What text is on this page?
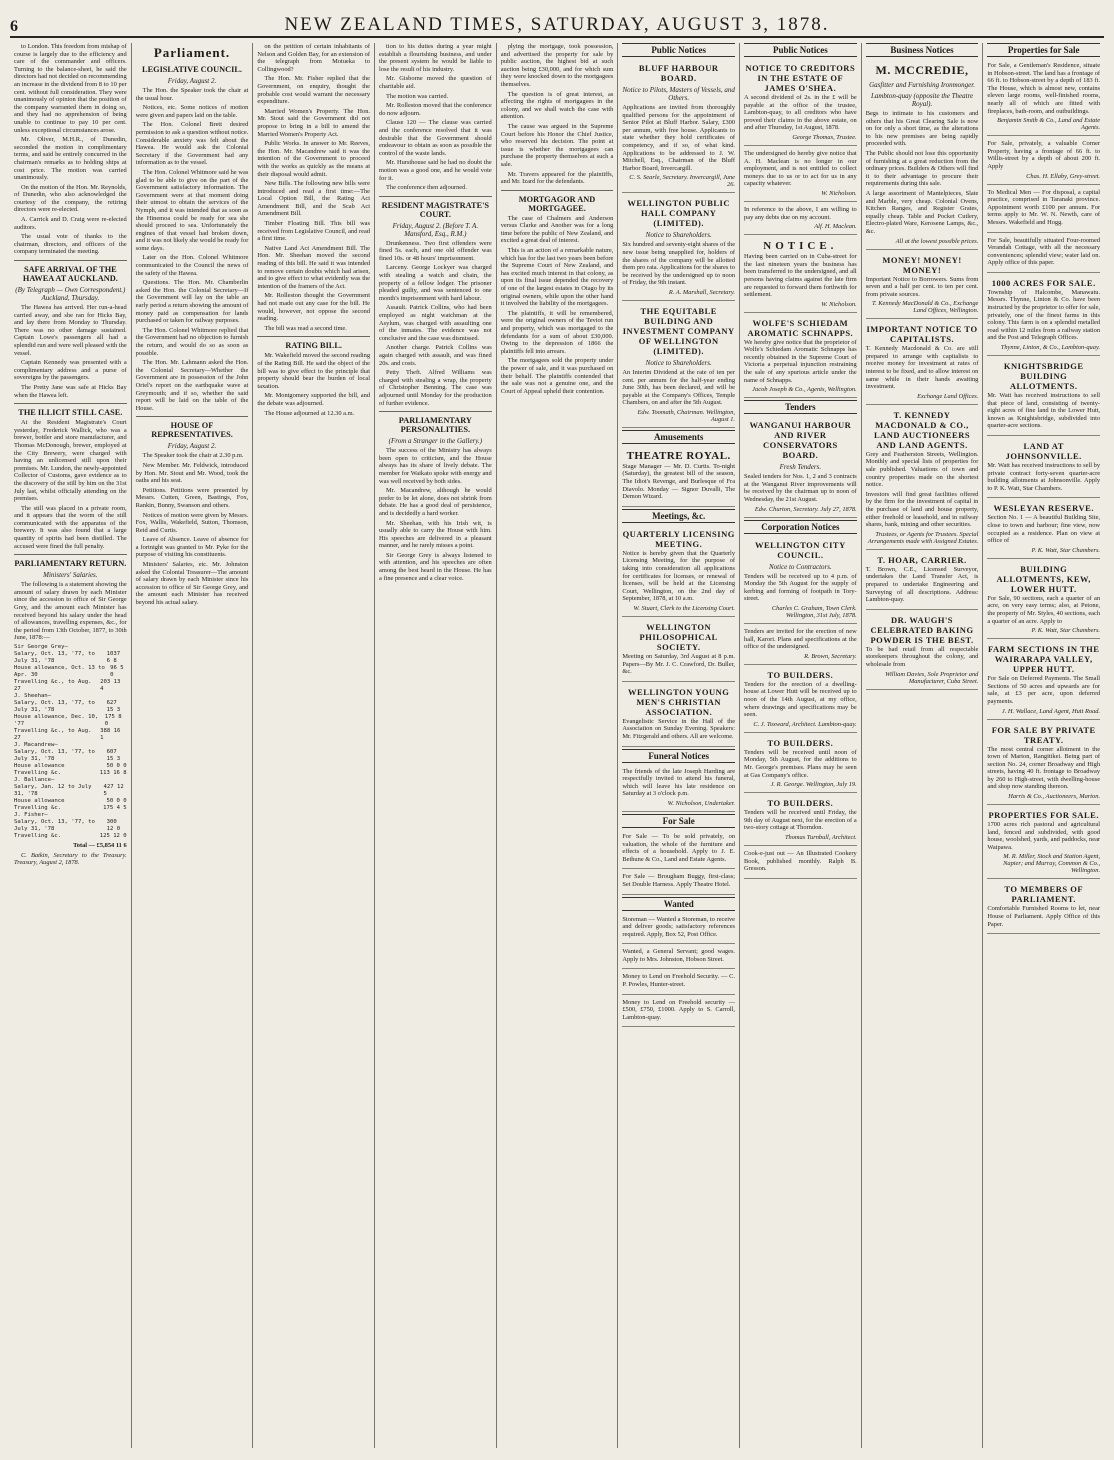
6	NEW ZEALAND TIMES, SATURDAY, AUGUST 3, 1878.

to London. This freedom from mishap of course is largely due to the efficiency and care of the commander and officers. Turning to the balance-sheet, he said the directors had not decided on recommending an increase in the dividend from 8 to 10 per cent. without full consideration. They were unanimously of opinion that the position of the company warranted them in doing so, and they had no apprehension of being unable to continue to pay 10 per cent. unless exceptional circumstances arose.

Mr. Oliver, M.H.R., of Dunedin, seconded the motion in complimentary terms, and said he entirely concurred in the chairman's remarks as to holding ships at cost price. The motion was carried unanimously.

On the motion of the Hon. Mr. Reynolds, of Dunedin, who also acknowledged the courtesy of the company, the retiring directors were re-elected.

A. Carrick and D. Craig were re-elected auditors.

The usual vote of thanks to the chairman, directors, and officers of the company terminated the meeting.

SAFE ARRIVAL OF THE HAWEA AT AUCKLAND.
(By Telegraph — Own Correspondent.) Auckland, Thursday.

The Hawea has arrived. Her run-a-head carried away, and she ran for Hicks Bay, and lay there from Monday to Thursday. There was no other damage sustained. Captain Lowe's passengers all had a splendid run and were well pleased with the vessel.

Captain Kennedy was presented with a complimentary address and a purse of sovereigns by the passengers.

The Pretty Jane was safe at Hicks Bay when the Hawea left.

THE ILLICIT STILL CASE.

At the Resident Magistrate's Court yesterday, Frederick Wallick, who was a brewer, bottler and store manufacturer, and Thomas McDonough, brewer, employed at the City Brewery, were charged with having an unlicensed still upon their premises. Mr. Lundon, the newly-appointed Collector of Customs, gave evidence as to the discovery of the still by him on the 31st July last, whilst officially attending on the premises.

The still was placed in a private room, and it appears that the worm of the still communicated with the apparatus of the brewery. It was also found that a large quantity of spirits had been distilled. The accused were fined the full penalty.

PARLIAMENTARY RETURN.
Ministers' Salaries.

The following is a statement showing the amount of salary drawn by each Minister since the accession to office of Sir George Grey, and the amount each Minister has received beyond his salary under the head of allowances, travelling expenses, &c., for the period from 13th October, 1877, to 30th June, 1878:—

Sir George Grey—
Salary, Oct. 13, '77, to July 31, '78
1037 6 8
House allowance, Oct. 13 to Apr. 30
96 5 0
Travelling &c., to Aug. 27
203 13 4
J. Sheehan—
Salary, Oct. 13, '77, to July 31, '78
627 15 3
House allowance, Dec. 10, '77
175 8 0
Travelling &c., to Aug. 27
388 16 1
J. Macandrew—
Salary, Oct. 13, '77, to July 31, '78
607 15 3
House allowance	50 0 0
Travelling &c.	113 16 8
J. Ballance—
Salary, Jan. 12 to July 31, '78
427 12 5
House allowance	50 0 0
Travelling &c.	175 4 5
J. Fisher—
Salary, Oct. 13, '77, to July 31, '78
300 12 0
Travelling &c.	125 12 0

Total — £5,854 11 6

C. Batkin, Secretary to the Treasury. Treasury, August 2, 1878.

Parliament.
LEGISLATIVE COUNCIL.
Friday, August 2.

The Hon. the Speaker took the chair at the usual hour.

Notices, etc. Some notices of motion were given and papers laid on the table.

The Hon. Colonel Brett desired permission to ask a question without notice. Considerable anxiety was felt about the Hawea. He would ask the Colonial Secretary if the Government had any information as to the vessel.

The Hon. Colonel Whitmore said he was glad to be able to give on the part of the Government satisfactory information. The Government were at that moment doing their utmost to obtain the services of the Nymph, and it was intended that as soon as the Hinemoa could be ready for sea she should proceed to sea. Unfortunately the engines of that vessel had broken down, and it was not likely she would be ready for some days.

Later on the Hon. Colonel Whitmore communicated to the Council the news of the safety of the Hawea.

Questions. The Hon. Mr. Chamberlin asked the Hon. the Colonial Secretary—If the Government will lay on the table an early period a return showing the amount of money paid as compensation for lands purchased or taken for railway purposes.

The Hon. Colonel Whitmore replied that the Government had no objection to furnish the return, and would do so as soon as possible.

The Hon. Mr. Lahmann asked the Hon. the Colonial Secretary—Whether the Government are in possession of the John Oriel's report on the earthquake wave at Greymouth; and if so, whether the said report will be laid on the table of the House.

HOUSE OF REPRESENTATIVES.
Friday, August 2.

The Speaker took the chair at 2.30 p.m.

New Member. Mr. Feldwick, introduced by Hon. Mr. Stout and Mr. Wood, took the oaths and his seat.

Petitions. Petitions were presented by Messrs. Cutten, Green, Bastings, Fox, Rankin, Bunny, Swanson and others.

Notices of motion were given by Messrs. Fox, Wallis, Wakefield, Sutton, Thomson, Reid and Curtis.

Leave of Absence. Leave of absence for a fortnight was granted to Mr. Pyke for the purpose of visiting his constituents.

Ministers' Salaries, etc. Mr. Johnston asked the Colonial Treasurer—The amount of salary drawn by each Minister since his accession to office of Sir George Grey, and the amount each Minister has received beyond his actual salary.

on the petition of certain inhabitants of Nelson and Golden Bay, for an extension of the telegraph from Motueka to Collingwood?

The Hon. Mr. Fisher replied that the Government, on enquiry, thought the probable cost would warrant the necessary expenditure.

Married Women's Property. The Hon. Mr. Stout said the Government did not propose to bring in a bill to amend the Married Women's Property Act.

Public Works. In answer to Mr. Reeves, the Hon. Mr. Macandrew said it was the intention of the Government to proceed with the works as quickly as the means at their disposal would admit.

New Bills. The following new bills were introduced and read a first time:—The Local Option Bill, the Rating Act Amendment Bill, and the Scab Act Amendment Bill.

Timber Floating Bill. This bill was received from Legislative Council, and read a first time.

Native Land Act Amendment Bill. The Hon. Mr. Sheehan moved the second reading of this bill. He said it was intended to remove certain doubts which had arisen, and to give effect to what evidently was the intention of the framers of the Act.

Mr. Rolleston thought the Government had not made out any case for the bill. He would, however, not oppose the second reading.

The bill was read a second time.

RATING BILL.

Mr. Wakefield moved the second reading of the Rating Bill. He said the object of the bill was to give effect to the principle that property should bear the burden of local taxation.

Mr. Montgomery supported the bill, and the debate was adjourned.

The House adjourned at 12.30 a.m.

tion to his duties during a year might establish a flourishing business, and under the present system he would be liable to lose the result of his industry.

Mr. Gisborne moved the question of charitable aid.

The motion was carried.

Mr. Rolleston moved that the conference do now adjourn.

Clause 120 — The clause was carried and the conference resolved that it was desirable that the Government should endeavour to obtain as soon as possible the control of the waste lands.

Mr. Hursthouse said he had no doubt the motion was a good one, and he would vote for it.

The conference then adjourned.

RESIDENT MAGISTRATE'S COURT.
Friday, August 2. (Before T. A. Mansford, Esq., R.M.)

Drunkenness. Two first offenders were fined 5s. each, and one old offender was fined 10s. or 48 hours' imprisonment.

Larceny. George Lockyer was charged with stealing a watch and chain, the property of a fellow lodger. The prisoner pleaded guilty, and was sentenced to one month's imprisonment with hard labour.

Assault. Patrick Collins, who had been employed as night watchman at the Asylum, was charged with assaulting one of the inmates. The evidence was not conclusive and the case was dismissed.

Another charge. Patrick Collins was again charged with assault, and was fined 20s. and costs.

Petty Theft. Alfred Williams was charged with stealing a wrap, the property of Christopher Benning. The case was adjourned until Monday for the production of further evidence.

PARLIAMENTARY PERSONALITIES.
(From a Stranger in the Gallery.)

The success of the Ministry has always been open to criticism, and the House always has its share of lively debate. The member for Waikato spoke with energy and was well received by both sides.

Mr. Macandrew, although he would prefer to be let alone, does not shrink from debate. He has a good deal of persistence, and is decidedly a hard worker.

Mr. Sheehan, with his Irish wit, is usually able to carry the House with him. His speeches are delivered in a pleasant manner, and he rarely misses a point.

Sir George Grey is always listened to with attention, and his speeches are often among the best heard in the House. He has a fine presence and a clear voice.

plying the mortgage, took possession, and advertised the property for sale by public auction, the highest bid at such auction being £30,000, and for which sum they were knocked down to the mortgagees themselves.

The question is of great interest, as affecting the rights of mortgagees in the colony, and we shall watch the case with attention.

The cause was argued in the Supreme Court before his Honor the Chief Justice, who reserved his decision. The point at issue is whether the mortgagees can purchase the property themselves at such a sale.

Mr. Travers appeared for the plaintiffs, and Mr. Izard for the defendants.

MORTGAGOR AND MORTGAGEE.

The case of Chalmers and Anderson versus Clarke and Another was for a long time before the public of New Zealand, and excited a great deal of interest.

This is an action of a remarkable nature, which has for the last two years been before the Supreme Court of New Zealand, and has excited much interest in that colony, as upon its final issue depended the recovery of one of the largest estates in Otago by its original owners, while upon the other hand it involved the liability of the mortgagees.

The plaintiffs, it will be remembered, were the original owners of the Teviot run and property, which was mortgaged to the defendants for a sum of about £30,000. Owing to the depression of 1866 the plaintiffs fell into arrears.

The mortgagees sold the property under the power of sale, and it was purchased on their behalf. The plaintiffs contended that the sale was not a genuine one, and the Court of Appeal upheld their contention.

Public Notices
BLUFF HARBOUR BOARD.
Notice to Pilots, Masters of Vessels, and Others.

Applications are invited from thoroughly qualified persons for the appointment of Senior Pilot at Bluff Harbor. Salary, £300 per annum, with free house. Applicants to state whether they hold certificates of competency, and if so, of what kind. Applications to be addressed to J. W. Mitchell, Esq., Chairman of the Bluff Harbor Board, Invercargill.

C. S. Searle, Secretary. Invercargill, June 26.
WELLINGTON PUBLIC HALL COMPANY (LIMITED).
Notice to Shareholders.

Six hundred and seventy-eight shares of the new issue being unapplied for, holders of the shares of the company will be allotted them pro rata. Applications for the shares to be received by the undersigned up to noon of Friday, the 9th instant.

R. A. Marshall, Secretary.
THE EQUITABLE BUILDING AND INVESTMENT COMPANY OF WELLINGTON (LIMITED).
Notice to Shareholders.

An Interim Dividend at the rate of ten per cent. per annum for the half-year ending June 30th, has been declared, and will be payable at the Company's Offices, Temple Chambers, on and after the 5th August.

Edw. Toomath, Chairman. Wellington, August 1.
Amusements
THEATRE ROYAL.

Stage Manager — Mr. D. Curtis. To-night (Saturday), the greatest bill of the season, The Idiot's Revenge, and Burlesque of Fra Diavolo. Monday — Signor Duvalli, The Demon Wizard.

Meetings, &c.
QUARTERLY LICENSING MEETING.

Notice is hereby given that the Quarterly Licensing Meeting, for the purpose of taking into consideration all applications for certificates for licenses, or renewal of licenses, will be held at the Licensing Court, Wellington, on the 2nd day of September, 1878, at 10 a.m.

W. Stuart, Clerk to the Licensing Court.
WELLINGTON PHILOSOPHICAL SOCIETY.

Meeting on Saturday, 3rd August at 8 p.m. Papers—By Mr. J. C. Crawford, Dr. Buller, &c.

WELLINGTON YOUNG MEN'S CHRISTIAN ASSOCIATION.

Evangelistic Service in the Hall of the Association on Sunday Evening. Speakers: Mr. Fitzgerald and others. All are welcome.

Funeral Notices

The friends of the late Joseph Harding are respectfully invited to attend his funeral, which will leave his late residence on Saturday at 3 o'clock p.m.

W. Nicholson, Undertaker.
For Sale

For Sale — To be sold privately, on valuation, the whole of the furniture and effects of a household. Apply to J. E. Bethune & Co., Land and Estate Agents.

For Sale — Brougham Buggy, first-class; Set Double Harness. Apply Theatre Hotel.

Wanted

Storeman — Wanted a Storeman, to receive and deliver goods; satisfactory references required. Apply, Box 52, Post Office.

Wanted, a General Servant; good wages. Apply to Mrs. Johnston, Hobson Street.

Money to Lend on Freehold Security. — C. P. Powles, Hunter-street.

Money to Lend on Freehold security — £500, £750, £1000. Apply to S. Carroll, Lambton-quay.

Public Notices
NOTICE TO CREDITORS IN THE ESTATE OF JAMES O'SHEA.

A second dividend of 2s. in the £ will be payable at the office of the trustee, Lambton-quay, to all creditors who have proved their claims in the above estate, on and after Thursday, 1st August, 1878.

George Thomas, Trustee.

The undersigned do hereby give notice that A. H. Maclean is no longer in our employment, and is not entitled to collect moneys due to us or to act for us in any capacity whatever.

W. Nicholson.

In reference to the above, I am willing to pay any debts due on my account.

Alf. H. Maclean.
NOTICE.

Having been carried on in Cuba-street for the last nineteen years the business has been transferred to the undersigned, and all persons having claims against the late firm are requested to forward them forthwith for settlement.

W. Nicholson.
WOLFE'S SCHIEDAM AROMATIC SCHNAPPS.

We hereby give notice that the proprietor of Wolfe's Schiedam Aromatic Schnapps has recently obtained in the Supreme Court of Victoria a perpetual injunction restraining the sale of any spurious article under the name of Schnapps.

Jacob Joseph & Co., Agents, Wellington.
Tenders
WANGANUI HARBOUR AND RIVER CONSERVATORS BOARD.
Fresh Tenders.

Sealed tenders for Nos. 1, 2 and 3 contracts at the Wanganui River improvements will be received by the chairman up to noon of Wednesday, the 21st August.

Edw. Churton, Secretary. July 27, 1878.
Corporation Notices
WELLINGTON CITY COUNCIL.
Notice to Contractors.

Tenders will be received up to 4 p.m. of Monday the 5th August for the supply of kerbing and forming of footpath in Tory-street.

Charles C. Graham, Town Clerk. Wellington, 31st July, 1878.

Tenders are invited for the erection of new hall, Karori. Plans and specifications at the office of the undersigned.

R. Brown, Secretary.
TO BUILDERS.

Tenders for the erection of a dwelling-house at Lower Hutt will be received up to noon of the 14th August, at my office, where drawings and specifications may be seen.

C. J. Toxward, Architect. Lambton-quay.
TO BUILDERS.

Tenders will be received until noon of Monday, 5th August, for the additions to Mr. George's premises. Plans may be seen at Gas Company's office.

J. R. George. Wellington, July 19.
TO BUILDERS.

Tenders will be received until Friday, the 9th day of August next, for the erection of a two-story cottage at Thorndon.

Thomas Turnbull, Architect.

Cook-e-just out — An Illustrated Cookery Book, published monthly. Ralph B. Gresson.

Business Notices
M. MCCREDIE,
Gasfitter and Furnishing Ironmonger.
Lambton-quay (opposite the Theatre Royal).

Begs to intimate to his customers and others that his Great Clearing Sale is now on for only a short time, as the alterations to his new premises are being rapidly proceeded with.

The Public should not lose this opportunity of furnishing at a great reduction from the ordinary prices. Builders & Others will find it to their advantage to procure their requirements during this sale.

A large assortment of Mantelpieces, Slate and Marble, very cheap. Colonial Ovens, Kitchen Ranges, and Register Grates, equally cheap. Table and Pocket Cutlery, Electro-plated Ware, Kerosene Lamps, &c., &c.

All at the lowest possible prices.
MONEY! MONEY! MONEY!

Important Notice to Borrowers. Sums from seven and a half per cent. to ten per cent. from private sources.

T. Kennedy MacDonald & Co., Exchange Land Offices, Wellington.
IMPORTANT NOTICE TO CAPITALISTS.

T. Kennedy Macdonald & Co. are still prepared to arrange with capitalists to receive money for investment at rates of interest to be fixed, and to allow interest on same while in their hands awaiting investment.

Exchange Land Offices.
T. KENNEDY MACDONALD & CO., LAND AUCTIONEERS AND LAND AGENTS.

Grey and Featherston Streets, Wellington. Monthly and special lists of properties for sale published. Valuations of town and country properties made on the shortest notice.

Investors will find great facilities offered by the firm for the investment of capital in the purchase of land and house property, either freehold or leasehold, and in railway shares, bank, mining and other securities.

Trustees, or Agents for Trustees. Special Arrangements made with Assigned Estates.
T. HOAR, CARRIER.

T. Brown, C.E., Licensed Surveyor, undertakes the Land Transfer Act, is prepared to undertake Engineering and Surveying of all descriptions. Address: Lambton-quay.

DR. WAUGH'S CELEBRATED BAKING POWDER IS THE BEST.

To be had retail from all respectable storekeepers throughout the colony, and wholesale from

William Davies, Sole Proprietor and Manufacturer, Cuba Street.
Properties for Sale

For Sale, a Gentleman's Residence, situate in Hobson-street. The land has a frontage of 66 ft. to Hobson-street by a depth of 183 ft. The House, which is almost new, contains eleven large rooms, well-finished rooms, nearly all of which are fitted with fireplaces, bath-room, and outbuildings.

Benjamin Smith & Co., Land and Estate Agents.

For Sale, privately, a valuable Corner Property, having a frontage of 66 ft. to Willis-street by a depth of about 200 ft. Apply

Chas. H. Ellaby, Grey-street.

To Medical Men — For disposal, a capital practice, comprised in Taranaki province. Appointment worth £100 per annum. For terms apply to Mr. W. N. Newth, care of Messrs. Wakefield and Hogg.

For Sale, beautifully situated Four-roomed Verandah Cottage, with all the necessary conveniences; splendid view; water laid on. Apply office of this paper.

1000 ACRES FOR SALE.

Township of Halcombe, Manawatu. Messrs. Thynne, Linton & Co. have been instructed by the proprietor to offer for sale, privately, one of the finest farms in this colony. This farm is on a splendid metalled road within 12 miles from a railway station and the Post and Telegraph Offices.

Thynne, Linton, & Co., Lambton-quay.
KNIGHTSBRIDGE BUILDING ALLOTMENTS.

Mr. Watt has received instructions to sell that piece of land, consisting of twenty-eight acres of fine land in the Lower Hutt, known as Knightsbridge, subdivided into quarter-acre sections.

LAND AT JOHNSONVILLE.

Mr. Watt has received instructions to sell by private contract forty-seven quarter-acre building allotments at Johnsonville. Apply to P. K. Watt, Star Chambers.

WESLEYAN RESERVE.

Section No. 1 — A beautiful Building Site, close to town and harbour; fine view, now occupied as a residence. Plan on view at office of

P. K. Watt, Star Chambers.
BUILDING ALLOTMENTS, KEW, LOWER HUTT.

For Sale, 90 sections, each a quarter of an acre, on very easy terms; also, at Petone, the property of Mr. Styles, 40 sections, each a quarter of an acre. Apply to

P. K. Watt, Star Chambers.
FARM SECTIONS IN THE WAIRARAPA VALLEY, UPPER HUTT.

For Sale on Deferred Payments. The Small Sections of 50 acres and upwards are for sale, at £3 per acre, upon deferred payments.

J. H. Wallace, Land Agent, Hutt Road.
FOR SALE BY PRIVATE TREATY.

The most central corner allotment in the town of Marton, Rangitikei. Being part of section No. 24, corner Broadway and High streets, having 40 ft. frontage to Broadway by 260 to High-street, with dwelling-house and shop now standing thereon.

Harris & Co., Auctioneers, Marton.
PROPERTIES FOR SALE.

1700 acres rich pastoral and agricultural land, fenced and subdivided, with good house, woolshed, yards, and paddocks, near Waipawa.

M. R. Miller, Stock and Station Agent, Napier; and Murray, Common & Co., Wellington.
TO MEMBERS OF PARLIAMENT.

Comfortable Furnished Rooms to let, near House of Parliament. Apply Office of this Paper.
